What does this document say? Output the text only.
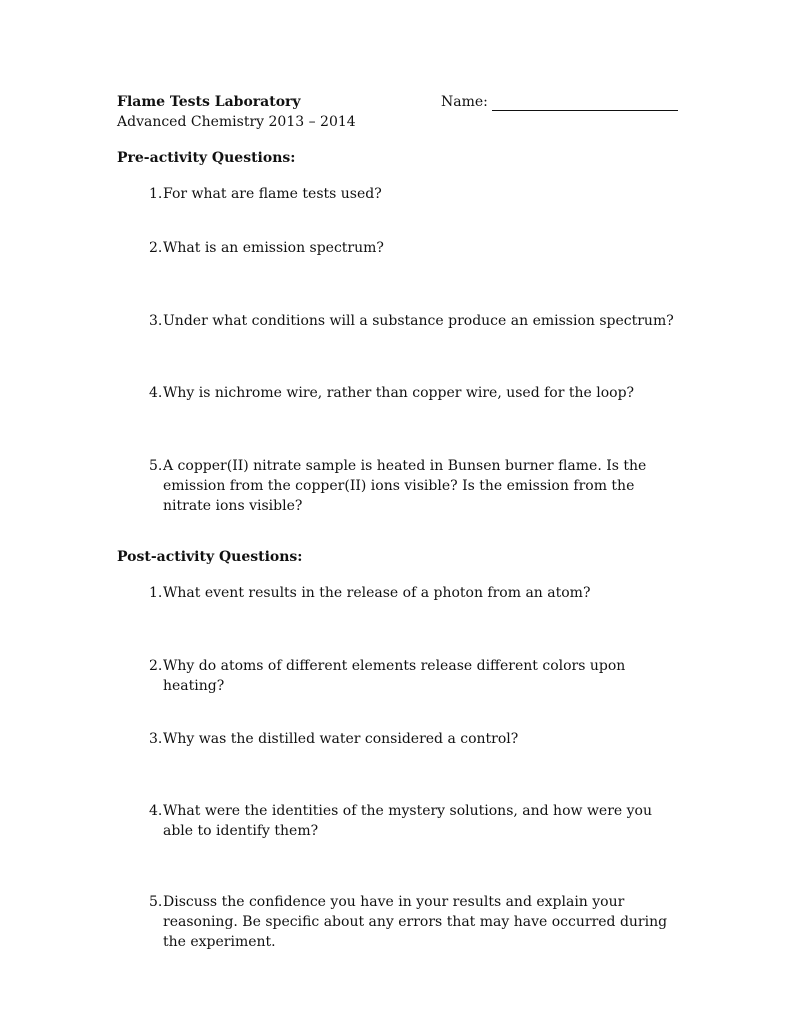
Flame Tests Laboratory
Advanced Chemistry 2013 – 2014
Name:
Pre-activity Questions:
1. For what are flame tests used?
2. What is an emission spectrum?
3. Under what conditions will a substance produce an emission spectrum?
4. Why is nichrome wire, rather than copper wire, used for the loop?
5. A copper(II) nitrate sample is heated in Bunsen burner flame. Is the emission from the copper(II) ions visible? Is the emission from the nitrate ions visible?
Post-activity Questions:
1. What event results in the release of a photon from an atom?
2. Why do atoms of different elements release different colors upon heating?
3. Why was the distilled water considered a control?
4. What were the identities of the mystery solutions, and how were you able to identify them?
5. Discuss the confidence you have in your results and explain your reasoning. Be specific about any errors that may have occurred during the experiment.
